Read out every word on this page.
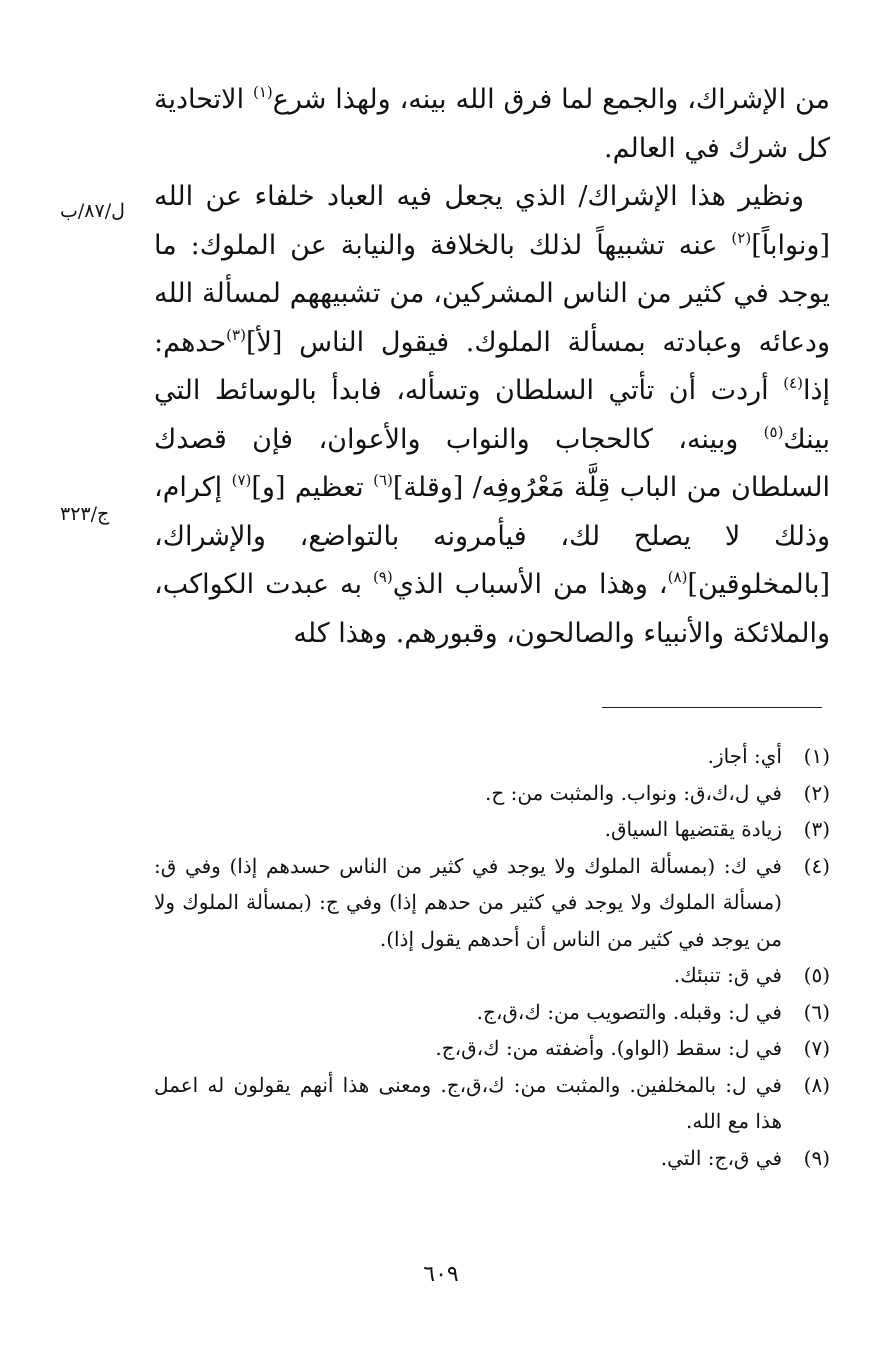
من الإشراك، والجمع لما فرق الله بينه، ولهذا شرع$^{(١)}$ الاتحادية كل شرك في العالم.

ونظير هذا الإشراك/ الذي يجعل فيه العباد خلفاء عن الله [ونواباً]$^{(٢)}$ عنه تشبيهاً لذلك بالخلافة والنيابة عن الملوك: ما يوجد في كثير من الناس المشركين، من تشبيههم لمسألة الله ودعائه وعبادته بمسألة الملوك. فيقول الناس [لأ]$^{(٣)}$حدهم: إذا$^{(٤)}$ أردت أن تأتي السلطان وتسأله، فابدأ بالوسائط التي بينك$^{(٥)}$ وبينه، كالحجاب والنواب والأعوان، فإن قصدك السلطان من الباب قِلَّة مَعْرُوفِه/ [وقلة]$^{(٦)}$ تعظيم [و]$^{(٧)}$ إكرام، وذلك لا يصلح لك، فيأمرونه بالتواضع، والإشراك، [بالمخلوقين]$^{(٨)}$، وهذا من الأسباب الذي$^{(٩)}$ به عبدت الكواكب، والملائكة والأنبياء والصالحون، وقبورهم. وهذا كله

ل/٨٧/ب
ج/٣٢٣
(١)
أي: أجاز.
(٢)
في ل،ك،ق: ونواب. والمثبت من: ح.
(٣)
زيادة يقتضيها السياق.
(٤)
في ك: (بمسألة الملوك ولا يوجد في كثير من الناس حسدهم إذا) وفي ق: (مسألة الملوك ولا يوجد في كثير من حدهم إذا) وفي ج: (بمسألة الملوك ولا من يوجد في كثير من الناس أن أحدهم يقول إذا).
(٥)
في ق: تنبئك.
(٦)
في ل: وقبله. والتصويب من: ك،ق،ج.
(٧)
في ل: سقط (الواو). وأضفته من: ك،ق،ج.
(٨)
في ل: بالمخلفين. والمثبت من: ك،ق،ج. ومعنى هذا أنهم يقولون له اعمل هذا مع الله.
(٩)
في ق،ج: التي.
٦٠٩
